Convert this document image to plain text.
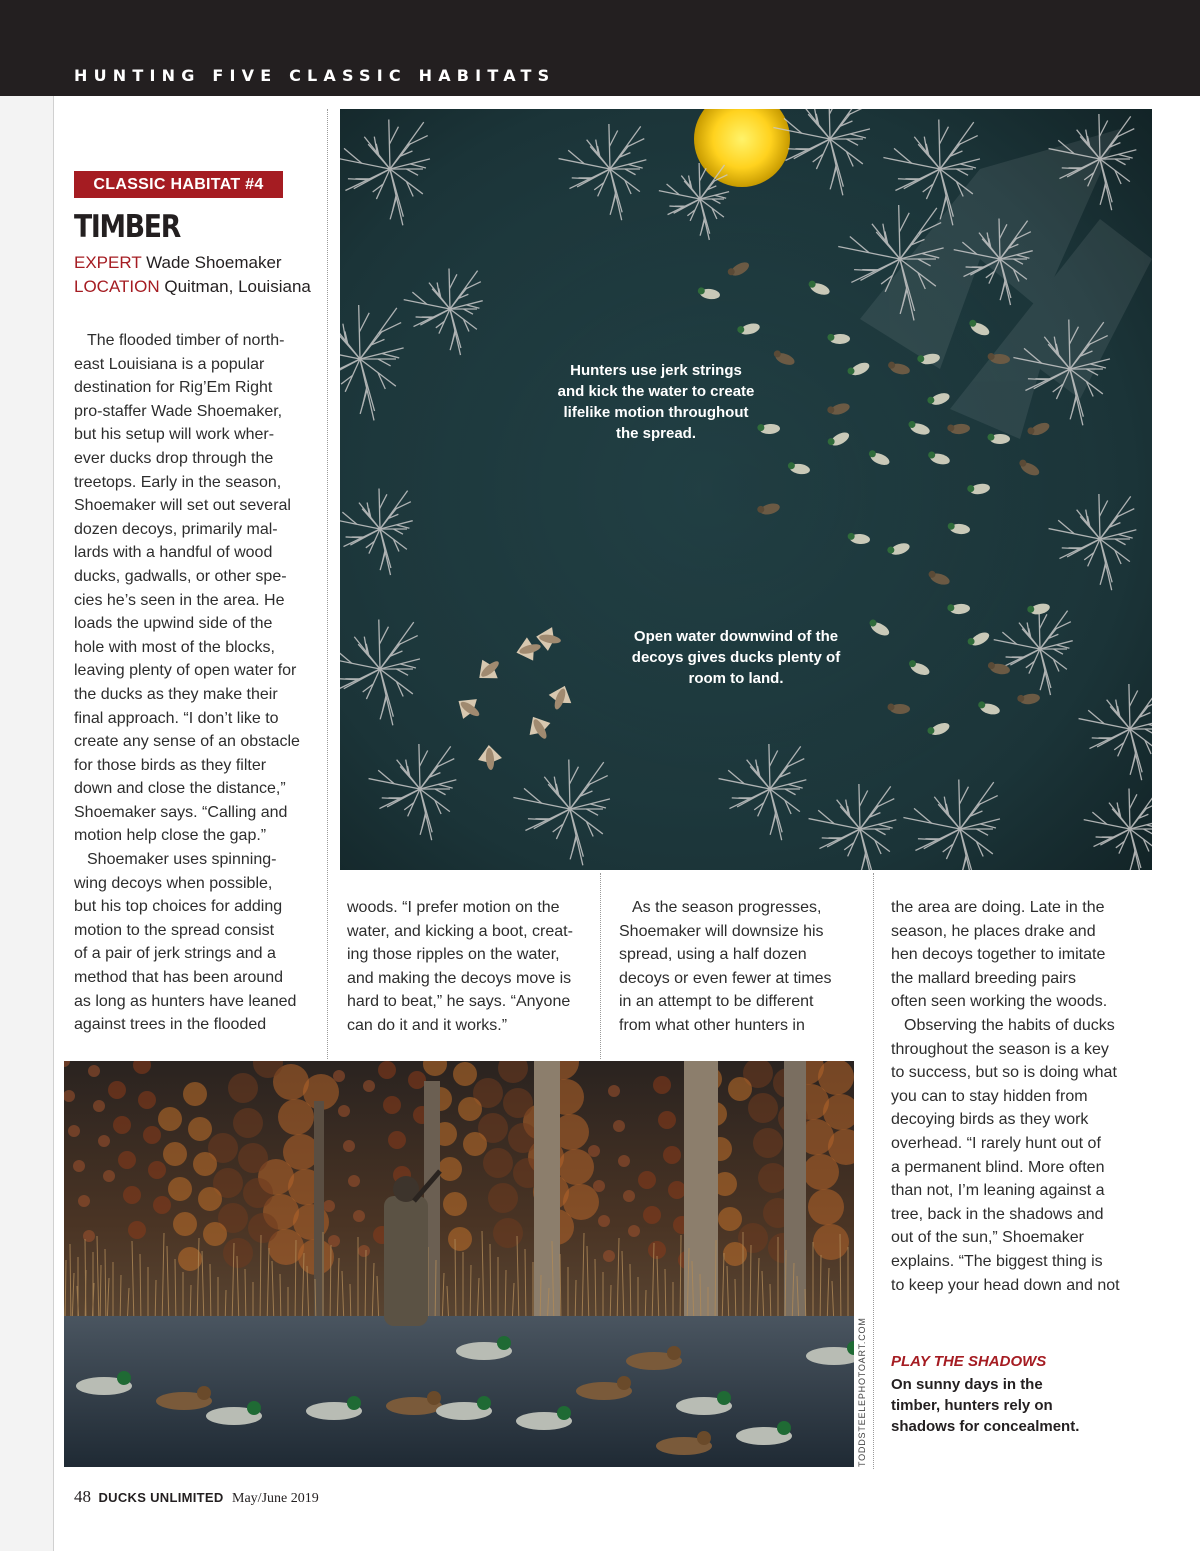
HUNTING FIVE CLASSIC HABITATS
CLASSIC HABITAT #4
TIMBER
EXPERT Wade Shoemaker
LOCATION Quitman, Louisiana
The flooded timber of north-
east Louisiana is a popular
destination for Rig’Em Right
pro-staffer Wade Shoemaker,
but his setup will work wher-
ever ducks drop through the
treetops. Early in the season,
Shoemaker will set out several
dozen decoys, primarily mal-
lards with a handful of wood
ducks, gadwalls, or other spe-
cies he’s seen in the area. He
loads the upwind side of the
hole with most of the blocks,
leaving plenty of open water for
the ducks as they make their
final approach. “I don’t like to
create any sense of an obstacle
for those birds as they filter
down and close the distance,”
Shoemaker says. “Calling and
motion help close the gap.”
Shoemaker uses spinning-
wing decoys when possible,
but his top choices for adding
motion to the spread consist
of a pair of jerk strings and a
method that has been around
as long as hunters have leaned
against trees in the flooded
Hunters use jerk strings
and kick the water to create
lifelike motion throughout
the spread.
Open water downwind of the
decoys gives ducks plenty of
room to land.
woods. “I prefer motion on the
water, and kicking a boot, creat-
ing those ripples on the water,
and making the decoys move is
hard to beat,” he says. “Anyone
can do it and it works.”
As the season progresses,
Shoemaker will downsize his
spread, using a half dozen
decoys or even fewer at times
in an attempt to be different
from what other hunters in
the area are doing. Late in the
season, he places drake and
hen decoys together to imitate
the mallard breeding pairs
often seen working the woods.
Observing the habits of ducks
throughout the season is a key
to success, but so is doing what
you can to stay hidden from
decoying birds as they work
overhead. “I rarely hunt out of
a permanent blind. More often
than not, I’m leaning against a
tree, back in the shadows and
out of the sun,” Shoemaker
explains. “The biggest thing is
to keep your head down and not
TODDSTEELEPHOTOART.COM PLAY THE SHADOWS
On sunny days in the timber, hunters rely on shadows for concealment.
48 DUCKS UNLIMITED May/June 2019
